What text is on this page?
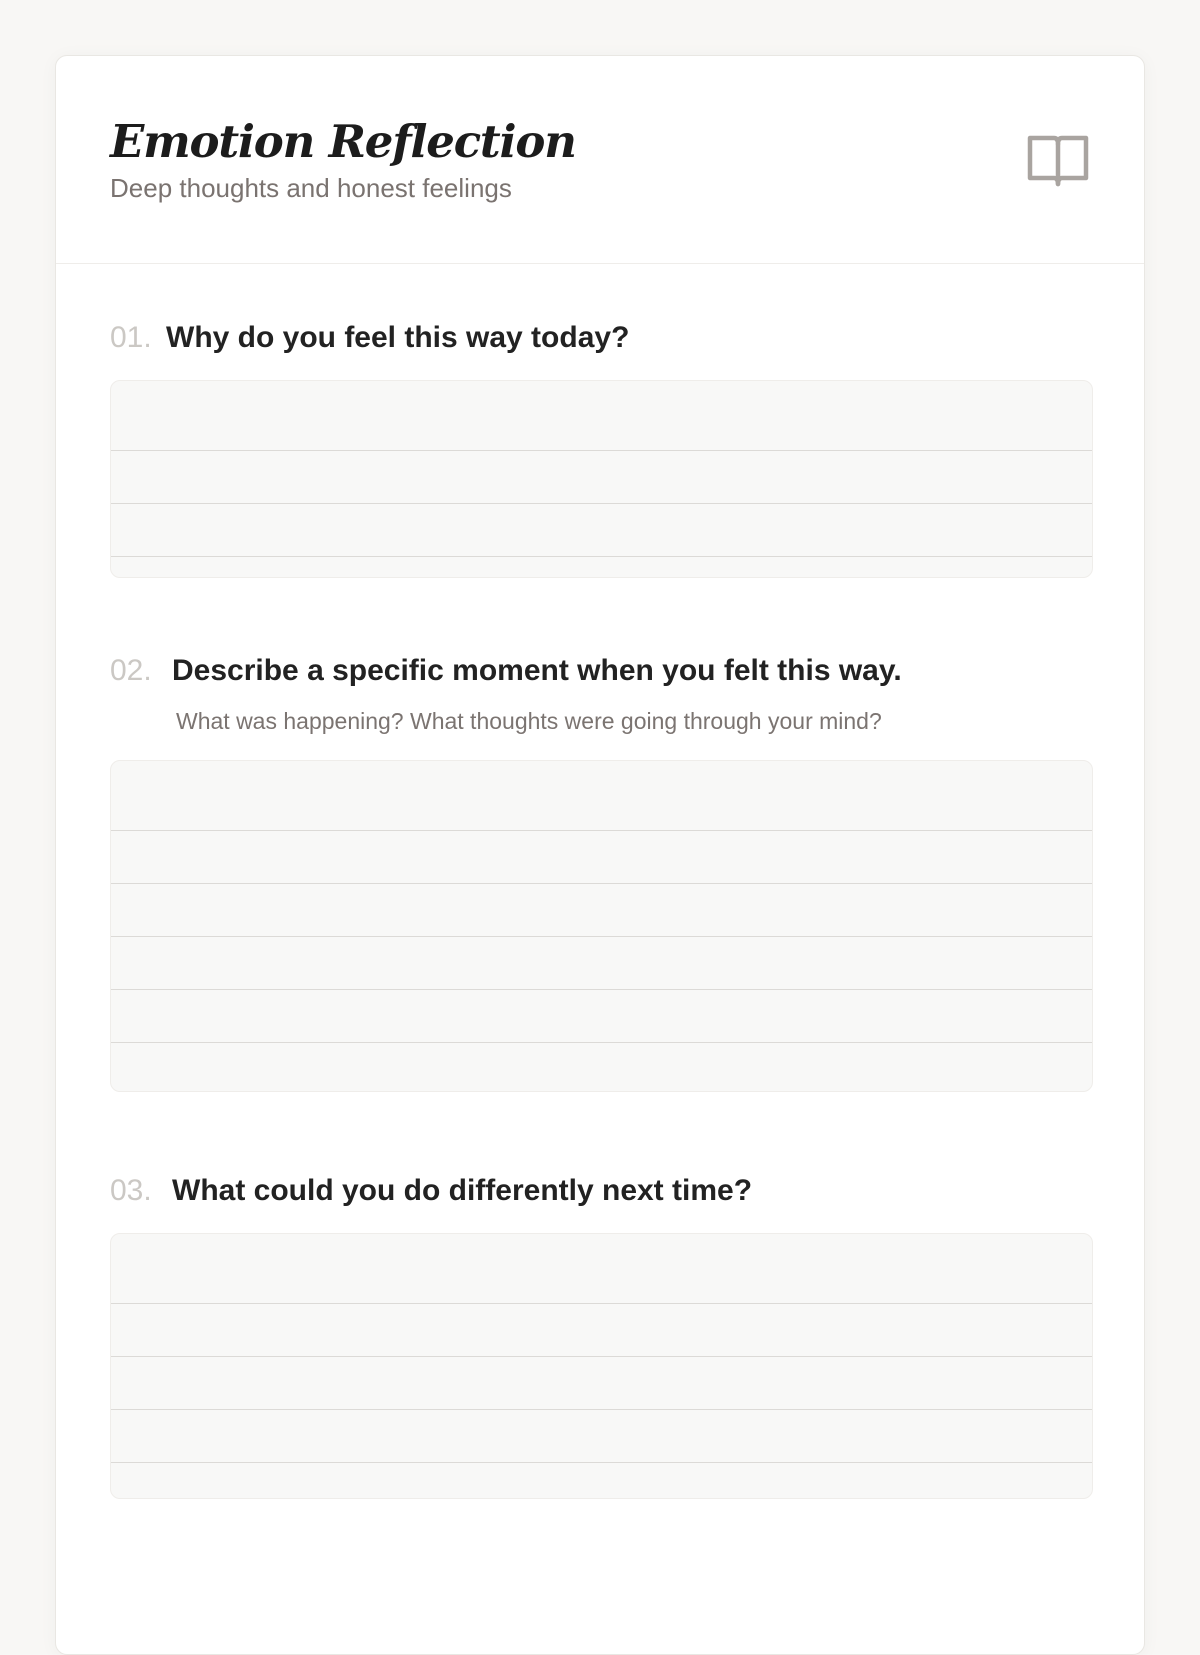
Emotion Reflection

Deep thoughts and honest feelings

01. Why do you feel this way today?
02. Describe a specific moment when you felt this way.
What was happening? What thoughts were going through your mind?
03. What could you do differently next time?
